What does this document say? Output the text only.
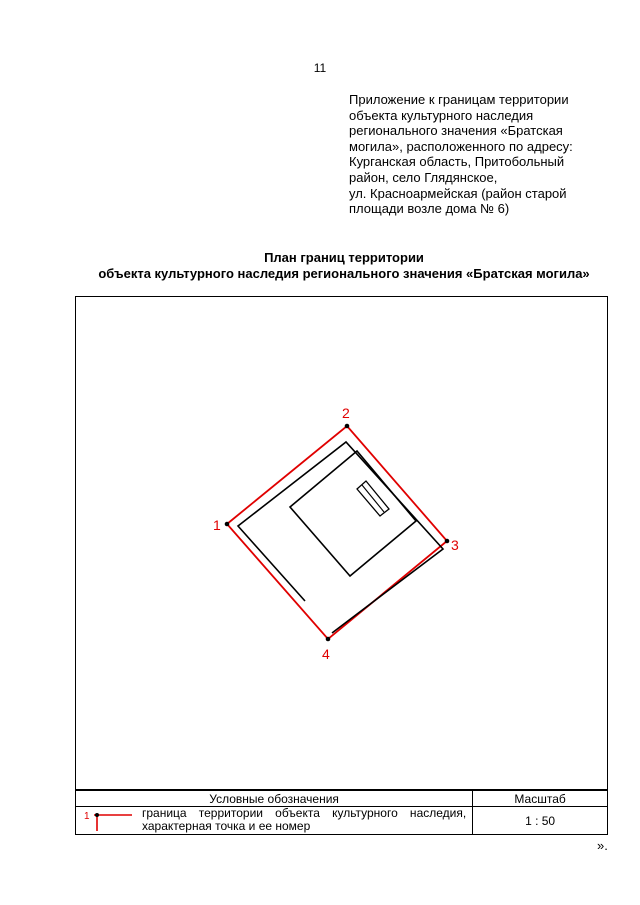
11
Приложение к границам территории
объекта культурного наследия
регионального значения «Братская
могила», расположенного по адресу:
Курганская область, Притобольный
район, село Глядянское,
ул. Красноармейская (район старой
площади возле дома № 6)
План границ территории
объекта культурного наследия регионального значения «Братская могила»
1
2
3
4
Условные обозначения	Масштаб

1 граница территории объекта культурного наследия,
характерная точка и ее номер	1 : 50
».
